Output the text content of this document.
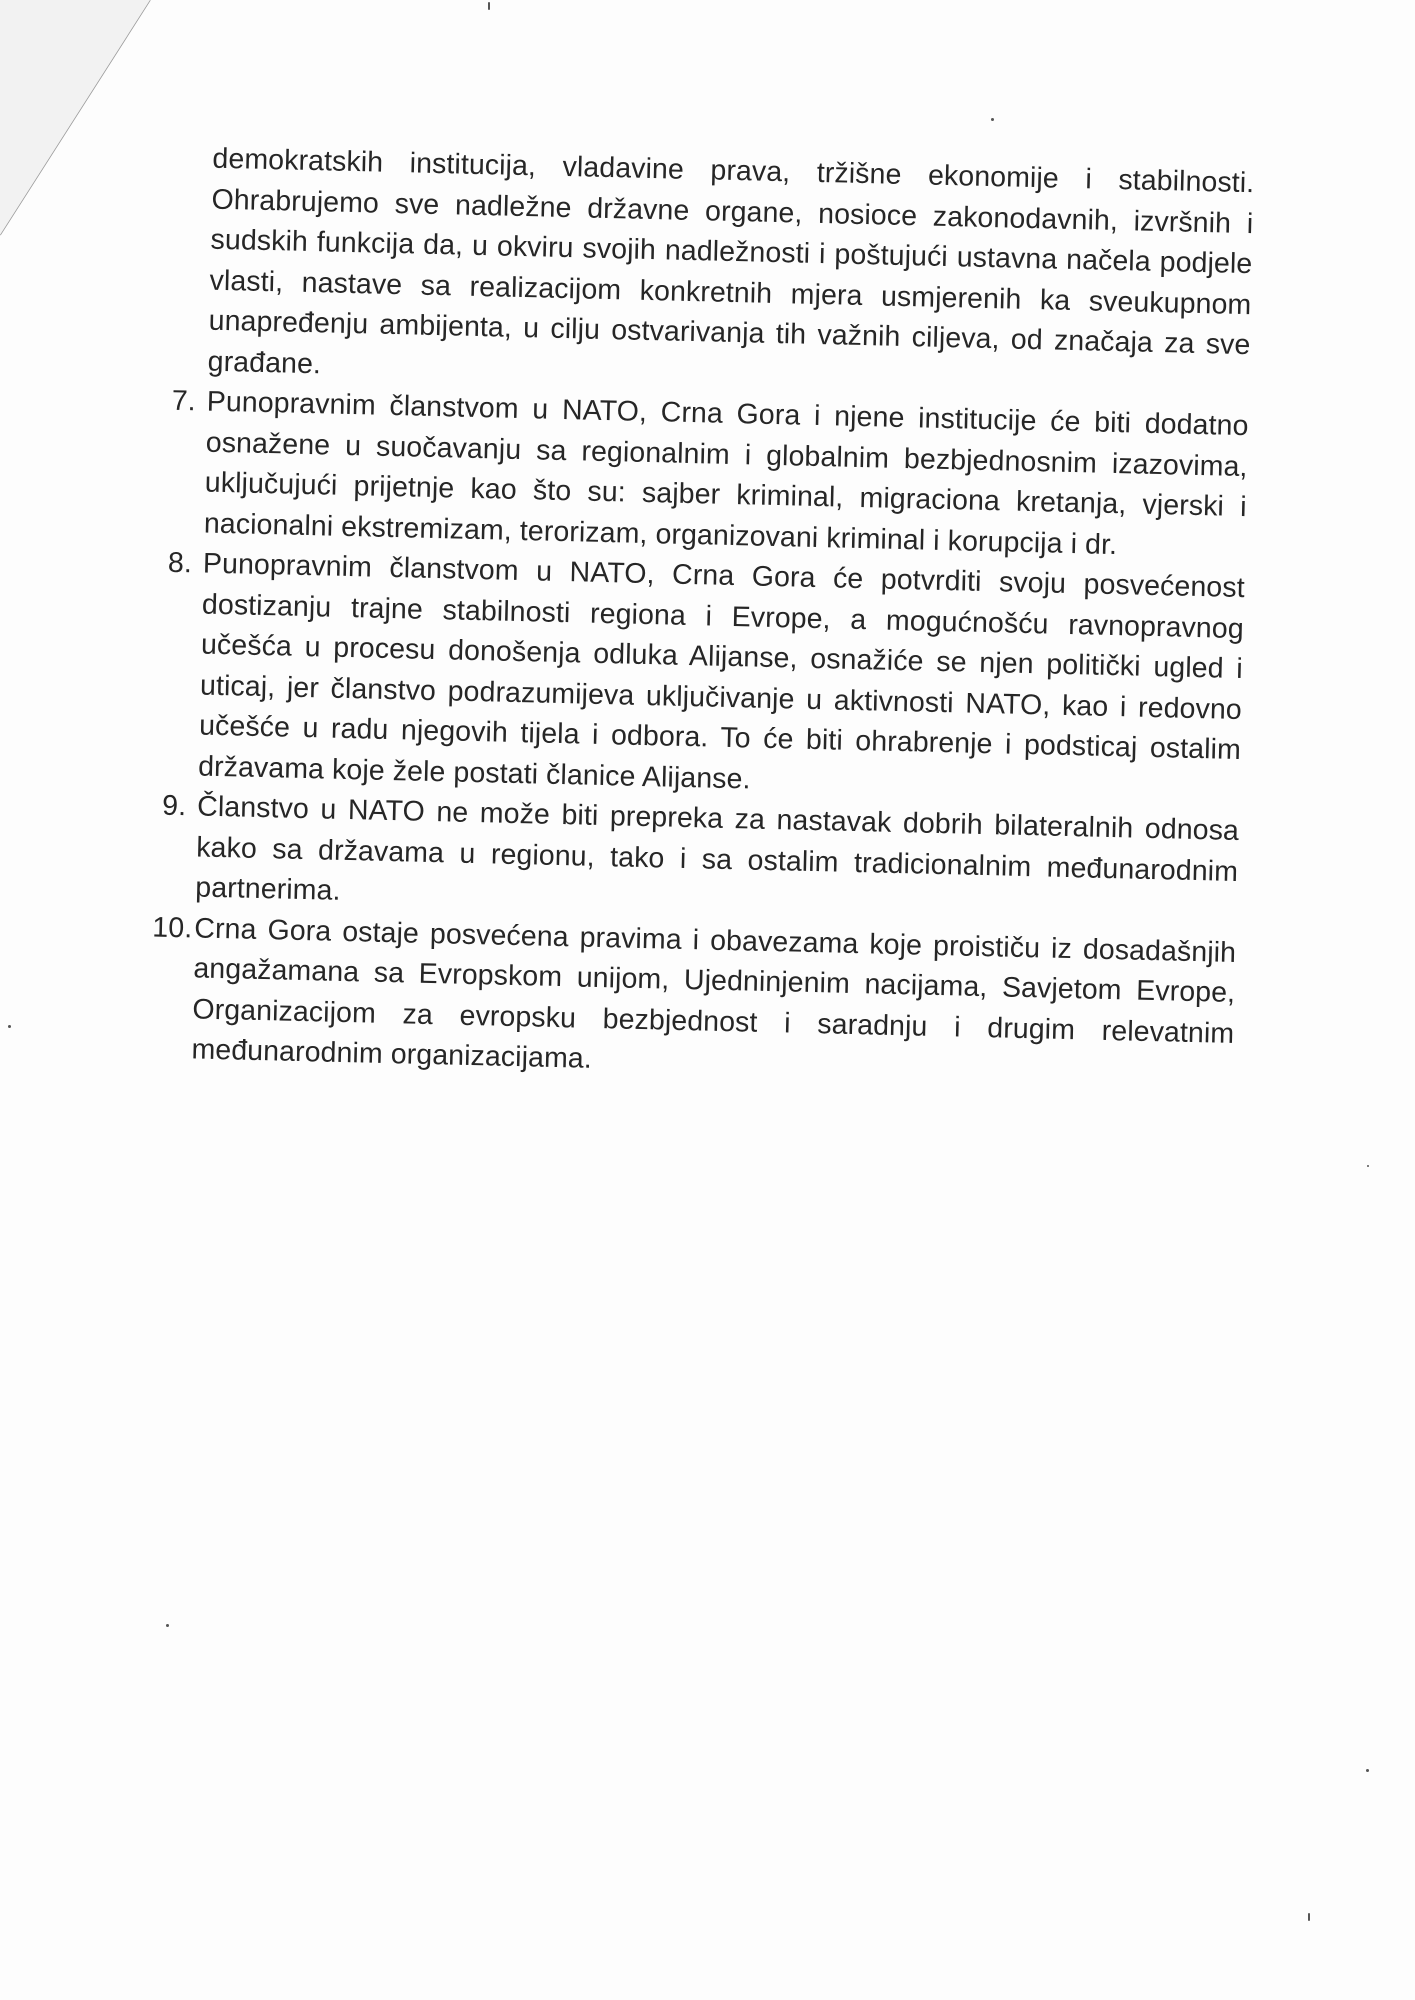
demokratskih institucija, vladavine prava, tržišne ekonomije i stabilnosti. Ohrabrujemo sve nadležne državne organe, nosioce zakonodavnih, izvršnih i sudskih funkcija da, u okviru svojih nadležnosti i poštujući ustavna načela podjele vlasti, nastave sa realizacijom konkretnih mjera usmjerenih ka sveukupnom unapređenju ambijenta, u cilju ostvarivanja tih važnih ciljeva, od značaja za sve građane.

7. Punopravnim članstvom u NATO, Crna Gora i njene institucije će biti dodatno osnažene u suočavanju sa regionalnim i globalnim bezbjednosnim izazovima, uključujući prijetnje kao što su: sajber kriminal, migraciona kretanja, vjerski i nacionalni ekstremizam, terorizam, organizovani kriminal i korupcija i dr.
8. Punopravnim članstvom u NATO, Crna Gora će potvrditi svoju posvećenost dostizanju trajne stabilnosti regiona i Evrope, a mogućnošću ravnopravnog učešća u procesu donošenja odluka Alijanse, osnažiće se njen politički ugled i uticaj, jer članstvo podrazumijeva uključivanje u aktivnosti NATO, kao i redovno učešće u radu njegovih tijela i odbora. To će biti ohrabrenje i podsticaj ostalim državama koje žele postati članice Alijanse.
9. Članstvo u NATO ne može biti prepreka za nastavak dobrih bilateralnih odnosa kako sa državama u regionu, tako i sa ostalim tradicionalnim međunarodnim partnerima.
10. Crna Gora ostaje posvećena pravima i obavezama koje proističu iz dosadašnjih angažamana sa Evropskom unijom, Ujedninjenim nacijama, Savjetom Evrope, Organizacijom za evropsku bezbjednost i saradnju i drugim relevatnim međunarodnim organizacijama.
